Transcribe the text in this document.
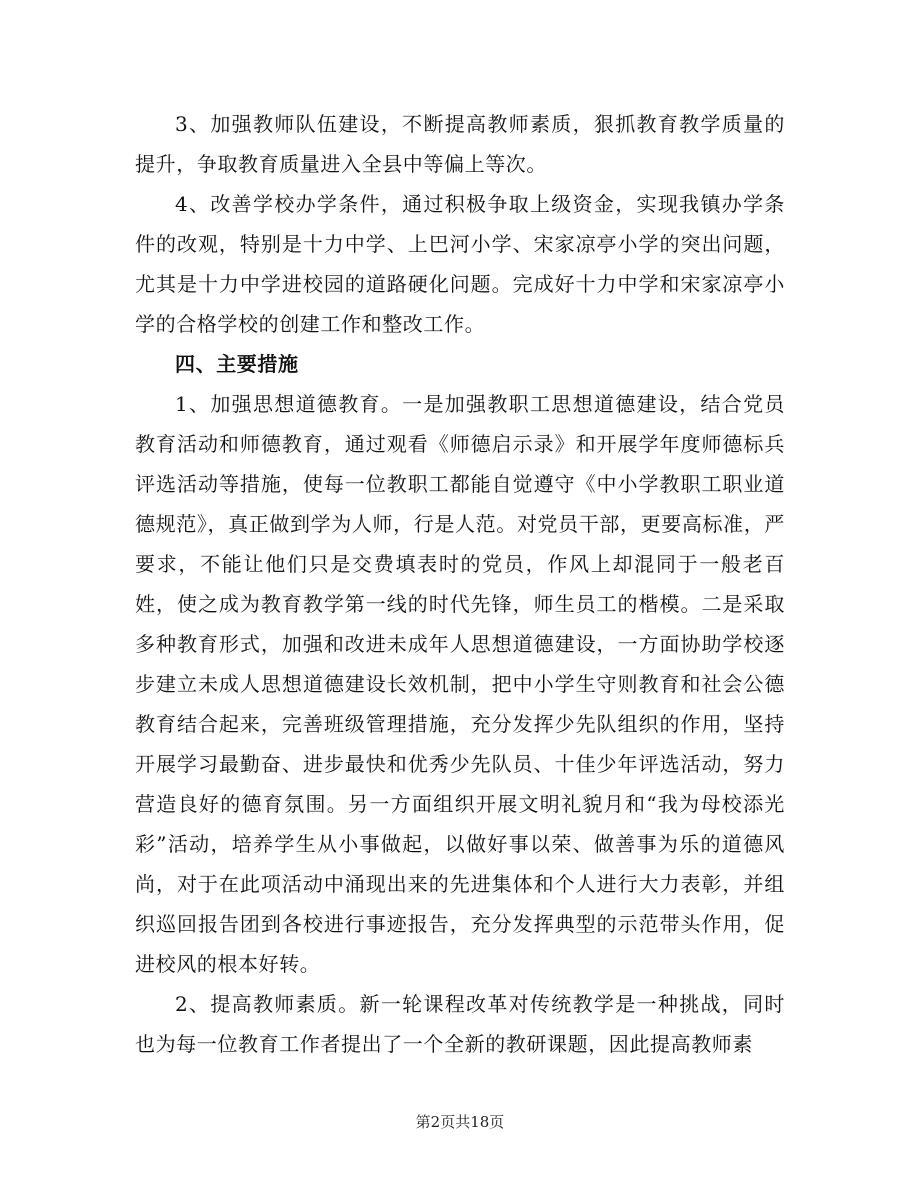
3、加强教师队伍建设，不断提高教师素质，狠抓教育教学质量的提升，争取教育质量进入全县中等偏上等次。

4、改善学校办学条件，通过积极争取上级资金，实现我镇办学条件的改观，特别是十力中学、上巴河小学、宋家凉亭小学的突出问题，尤其是十力中学进校园的道路硬化问题。完成好十力中学和宋家凉亭小学的合格学校的创建工作和整改工作。

四、主要措施

1、加强思想道德教育。一是加强教职工思想道德建设，结合党员教育活动和师德教育，通过观看《师德启示录》和开展学年度师德标兵评选活动等措施，使每一位教职工都能自觉遵守《中小学教职工职业道德规范》，真正做到学为人师，行是人范。对党员干部，更要高标准，严要求，不能让他们只是交费填表时的党员，作风上却混同于一般老百姓，使之成为教育教学第一线的时代先锋，师生员工的楷模。二是采取多种教育形式，加强和改进未成年人思想道德建设，一方面协助学校逐步建立未成人思想道德建设长效机制，把中小学生守则教育和社会公德教育结合起来，完善班级管理措施，充分发挥少先队组织的作用，坚持开展学习最勤奋、进步最快和优秀少先队员、十佳少年评选活动，努力营造良好的德育氛围。另一方面组织开展文明礼貌月和“我为母校添光彩”活动，培养学生从小事做起，以做好事以荣、做善事为乐的道德风尚，对于在此项活动中涌现出来的先进集体和个人进行大力表彰，并组织巡回报告团到各校进行事迹报告，充分发挥典型的示范带头作用，促进校风的根本好转。

2、提高教师素质。新一轮课程改革对传统教学是一种挑战，同时也为每一位教育工作者提出了一个全新的教研课题，因此提高教师素

第2页共18页
